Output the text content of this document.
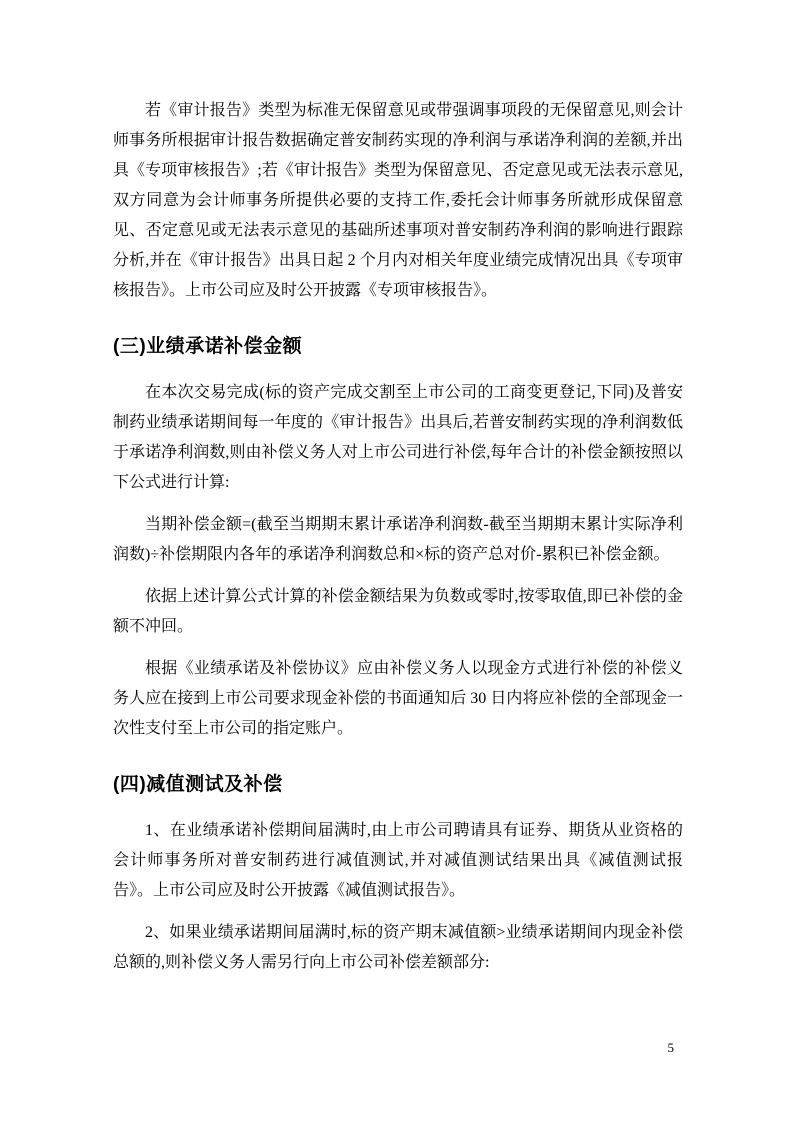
若《审计报告》类型为标准无保留意见或带强调事项段的无保留意见,则会计师事务所根据审计报告数据确定普安制药实现的净利润与承诺净利润的差额,并出具《专项审核报告》;若《审计报告》类型为保留意见、否定意见或无法表示意见,双方同意为会计师事务所提供必要的支持工作,委托会计师事务所就形成保留意见、否定意见或无法表示意见的基础所述事项对普安制药净利润的影响进行跟踪分析,并在《审计报告》出具日起 2 个月内对相关年度业绩完成情况出具《专项审核报告》。上市公司应及时公开披露《专项审核报告》。

(三)业绩承诺补偿金额

在本次交易完成(标的资产完成交割至上市公司的工商变更登记,下同)及普安制药业绩承诺期间每一年度的《审计报告》出具后,若普安制药实现的净利润数低于承诺净利润数,则由补偿义务人对上市公司进行补偿,每年合计的补偿金额按照以下公式进行计算:

当期补偿金额=(截至当期期末累计承诺净利润数-截至当期期末累计实际净利润数)÷补偿期限内各年的承诺净利润数总和×标的资产总对价-累积已补偿金额。

依据上述计算公式计算的补偿金额结果为负数或零时,按零取值,即已补偿的金额不冲回。

根据《业绩承诺及补偿协议》应由补偿义务人以现金方式进行补偿的补偿义务人应在接到上市公司要求现金补偿的书面通知后 30 日内将应补偿的全部现金一次性支付至上市公司的指定账户。

(四)减值测试及补偿

1、在业绩承诺补偿期间届满时,由上市公司聘请具有证券、期货从业资格的会计师事务所对普安制药进行减值测试,并对减值测试结果出具《减值测试报告》。上市公司应及时公开披露《减值测试报告》。

2、如果业绩承诺期间届满时,标的资产期末减值额>业绩承诺期间内现金补偿总额的,则补偿义务人需另行向上市公司补偿差额部分:

5
